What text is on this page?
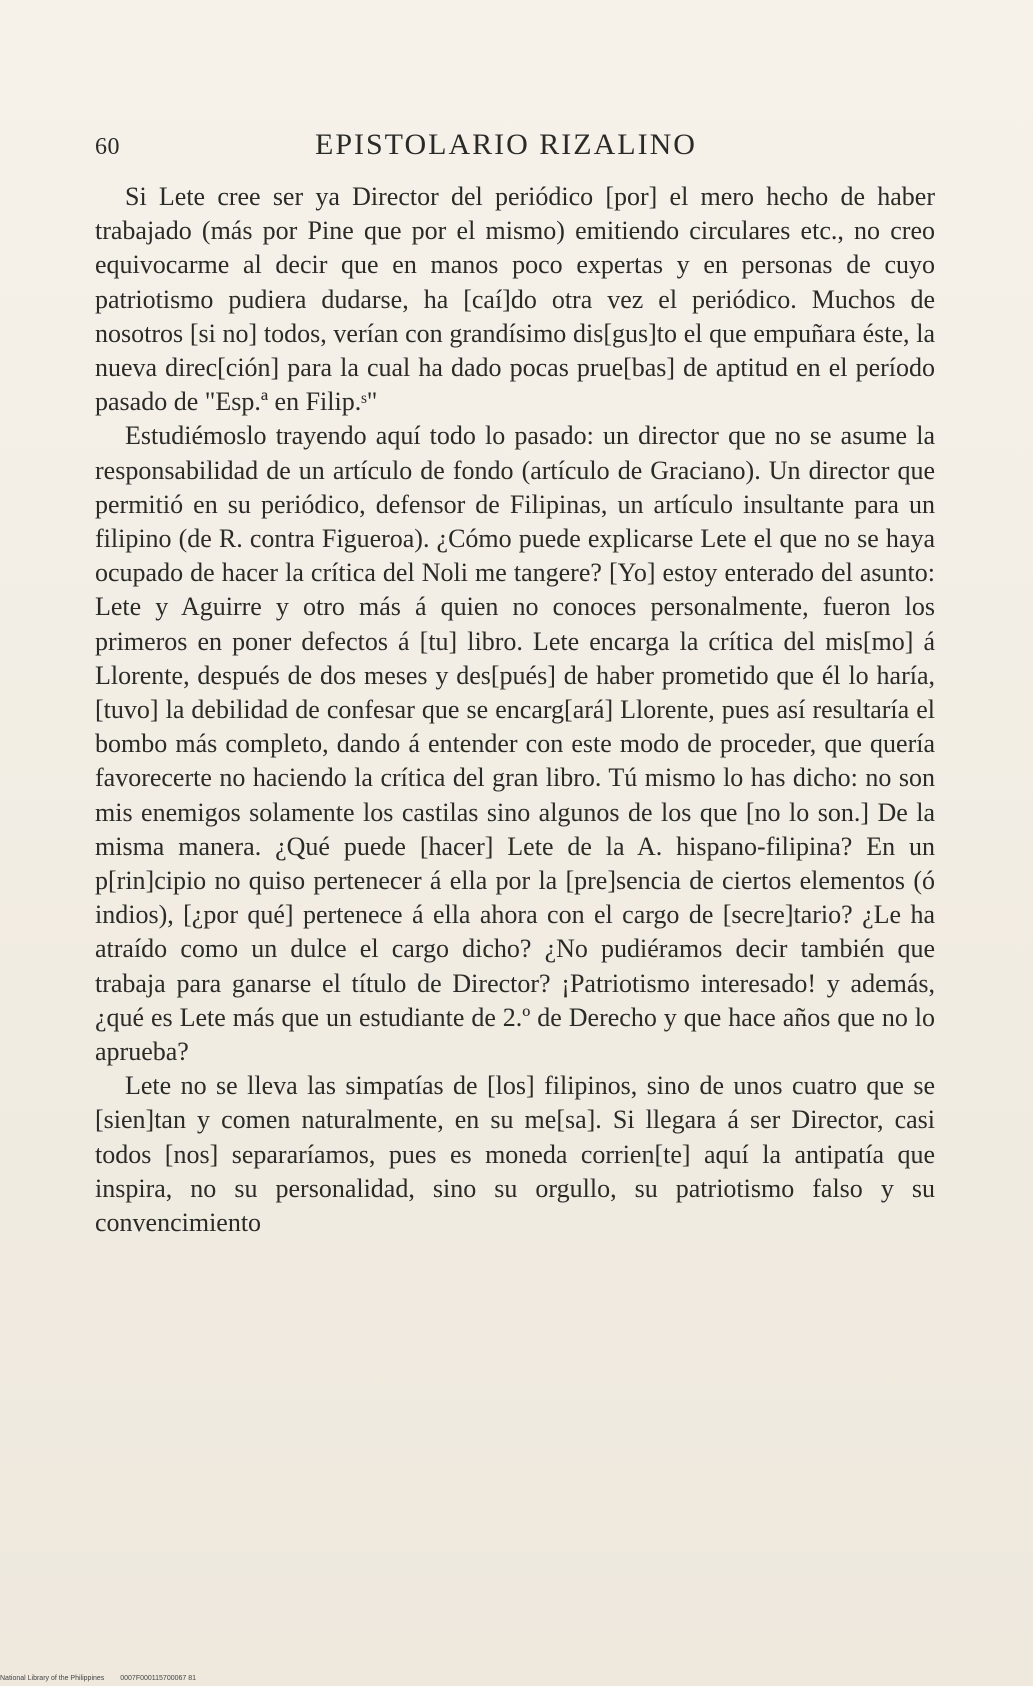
60	EPISTOLARIO RIZALINO

Si Lete cree ser ya Director del periódico [por] el mero hecho de haber trabajado (más por Pine que por el mismo) emitiendo circulares etc., no creo equivocarme al decir que en manos poco expertas y en personas de cuyo patriotismo pudiera dudarse, ha [caí]do otra vez el periódico. Muchos de nosotros [si no] todos, verían con grandísimo dis[gus]to el que empuñara éste, la nueva direc[ción] para la cual ha dado pocas prue[bas] de aptitud en el período pasado de "Esp.ª en Filip.ˢ"

Estudiémoslo trayendo aquí todo lo pasado: un director que no se asume la responsabilidad de un artículo de fondo (artículo de Graciano). Un director que permitió en su periódico, defensor de Filipinas, un artículo insultante para un filipino (de R. contra Figueroa). ¿Cómo puede explicarse Lete el que no se haya ocupado de hacer la crítica del Noli me tangere? [Yo] estoy enterado del asunto: Lete y Aguirre y otro más á quien no conoces personalmente, fueron los primeros en poner defectos á [tu] libro. Lete encarga la crítica del mis[mo] á Llorente, después de dos meses y des[pués] de haber prometido que él lo haría, [tuvo] la debilidad de confesar que se encarg[ará] Llorente, pues así resultaría el bombo más completo, dando á entender con este modo de proceder, que quería favorecerte no haciendo la crítica del gran libro. Tú mismo lo has dicho: no son mis enemigos solamente los castilas sino algunos de los que [no lo son.] De la misma manera. ¿Qué puede [hacer] Lete de la A. hispano-filipina? En un p[rin]cipio no quiso pertenecer á ella por la [pre]sencia de ciertos elementos (ó indios), [¿por qué] pertenece á ella ahora con el cargo de [secre]tario? ¿Le ha atraído como un dulce el cargo dicho? ¿No pudiéramos decir también que trabaja para ganarse el título de Director? ¡Patriotismo interesado! y además, ¿qué es Lete más que un estudiante de 2.º de Derecho y que hace años que no lo aprueba?

Lete no se lleva las simpatías de [los] filipinos, sino de unos cuatro que se [sien]tan y comen naturalmente, en su me[sa]. Si llegara á ser Director, casi todos [nos] separaríamos, pues es moneda corrien[te] aquí la antipatía que inspira, no su personalidad, sino su orgullo, su patriotismo falso y su convencimiento

National Library of the Philippines 0007F000115700067 81
